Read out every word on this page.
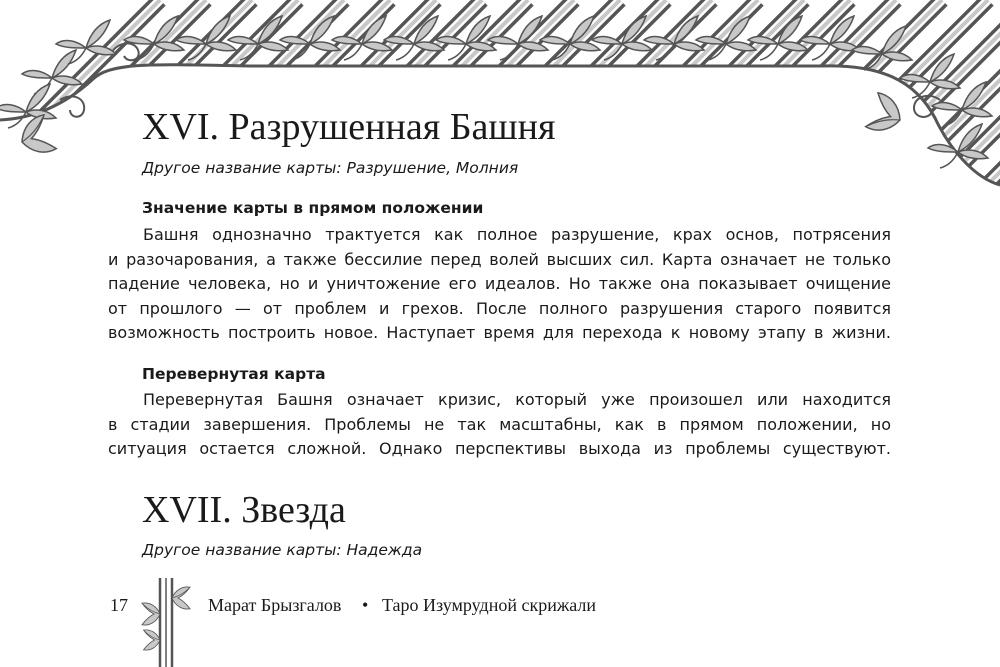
XVI. Разрушенная Башня

Другое название карты: Разрушение, Молния

Значение карты в прямом положении

Башня однозначно трактуется как полное разрушение, крах основ, потрясения
и разочарования, а также бессилие перед волей высших сил. Карта означает не только
падение человека, но и уничтожение его идеалов. Но также она показывает очищение
от прошлого — от проблем и грехов. После полного разрушения старого появится
возможность построить новое. Наступает время для перехода к новому этапу в жизни.

Перевернутая карта

Перевернутая Башня означает кризис, который уже произошел или находится
в стадии завершения. Проблемы не так масштабны, как в прямом положении, но
ситуация остается сложной. Однако перспективы выхода из проблемы существуют.
XVII. Звезда

Другое название карты: Надежда

17	Марат Брызгалов • Таро Изумрудной скрижали
